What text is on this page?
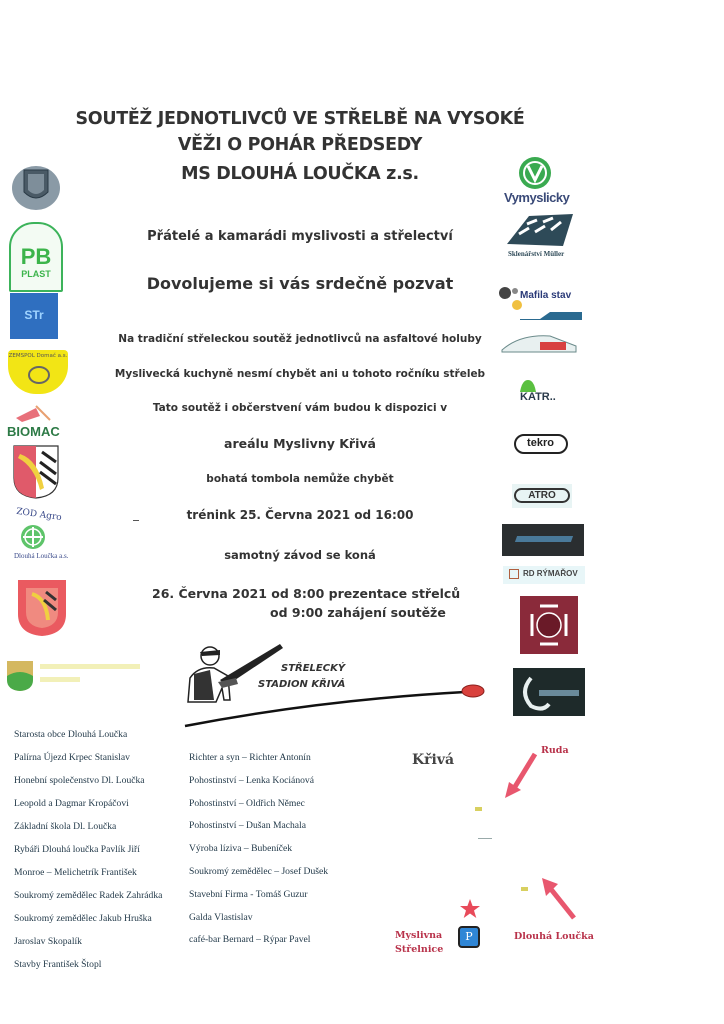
SOUTĚŽ JEDNOTLIVCŮ VE STŘELBĚ NA VYSOKÉ
VĚŽI O POHÁR PŘEDSEDY
MS DLOUHÁ LOUČKA z.s.
Přátelé a kamarádi myslivosti a střelectví
Dovolujeme si vás srdečně pozvat
Na tradiční střeleckou soutěž jednotlivců na asfaltové holuby
Myslivecká kuchyně nesmí chybět ani u tohoto ročníku střeleb
Tato soutěž i občerstvení vám budou k dispozici v
areálu Myslivny Křivá
bohatá tombola nemůže chybět
trénink 25. Června 2021 od 16:00
samotný závod se koná
26. Června 2021 od 8:00 prezentace střelců
od 9:00 zahájení soutěže
STŘELECKÝ
STADION KŘIVÁ
PB
PLAST
STr
ZEMSPOL Domač a.s.
BIOMAC
ZOD Agro
Dlouhá Loučka a.s.
Vymyslicky
Sklenářství Müller
Mafila stav
KATR..
tekro
ATRO
RD RÝMAŘOV
Starosta obce Dlouhá Loučka
Palírna Újezd Krpec Stanislav
Honební společenstvo Dl. Loučka
Leopold a Dagmar Kropáčovi
Základní škola Dl. Loučka
Rybáři Dlouhá loučka Pavlík Jiří
Monroe – Melichetrík František
Soukromý zemědělec Radek Zahrádka
Soukromý zemědělec Jakub Hruška
Jaroslav Skopalík
Stavby František Štopl
Richter a syn – Richter Antonín
Pohostinství – Lenka Kociánová
Pohostinství – Oldřich Němec
Pohostinství – Dušan Machala
Výroba líziva – Bubeníček
Soukromý zemědělec – Josef Dušek
Stavební Firma - Tomáš Guzur
Galda Vlastislav
café-bar Bernard – Rýpar Pavel
Křivá
Ruda
P
Myslivna
Střelnice
Dlouhá Loučka
